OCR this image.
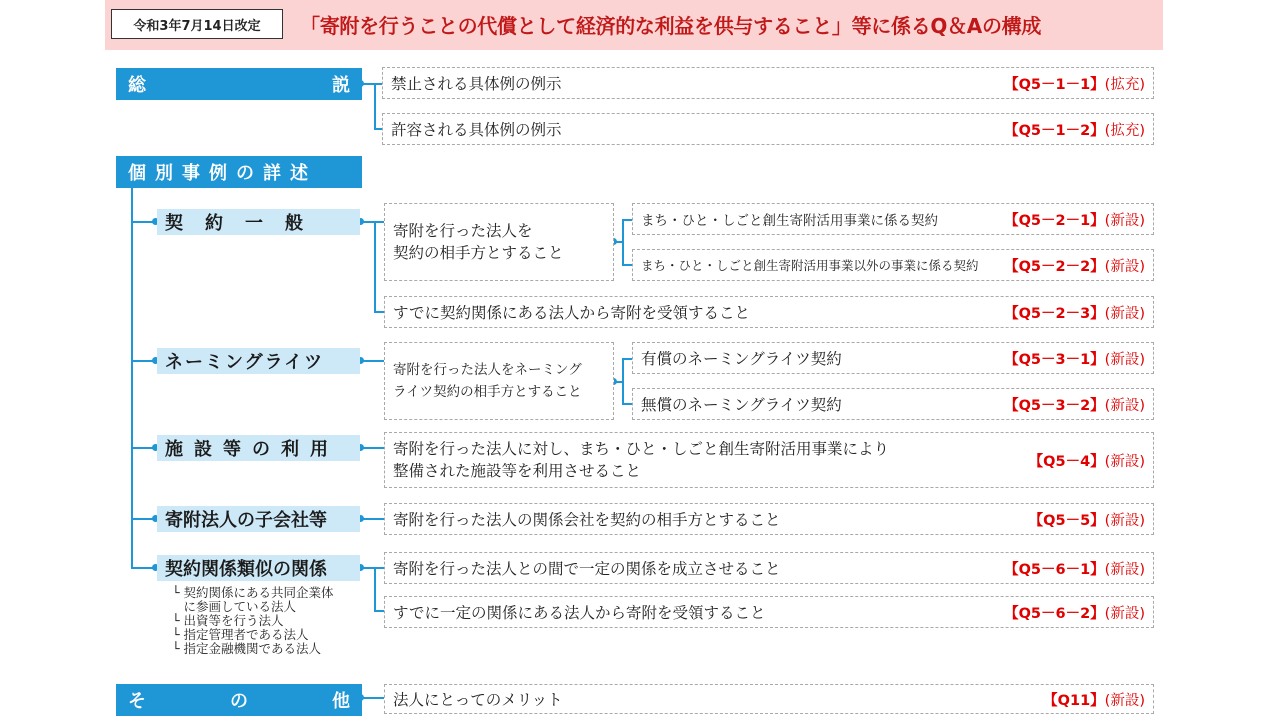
令和3年7月14日改定	「寄附を行うことの代償として経済的な利益を供与すること」等に係るQ＆Aの構成
総	説
個別事例の詳述
そ	の	他
契約一般
ネーミングライツ
施設等の利用
寄附法人の子会社等
契約関係類似の関係
└ 契約関係にある共同企業体
に参画している法人
└ 出資等を行う法人
└ 指定管理者である法人
└ 指定金融機関である法人
禁止される具体例の例示	【Q5－1－1】(拡充)
許容される具体例の例示	【Q5－1－2】(拡充)
寄附を行った法人を
契約の相手方とすること
まち・ひと・しごと創生寄附活用事業に係る契約	【Q5－2－1】(新設)
まち・ひと・しごと創生寄附活用事業以外の事業に係る契約	【Q5－2－2】(新設)
すでに契約関係にある法人から寄附を受領すること	【Q5－2－3】(新設)
寄附を行った法人をネーミング
ライツ契約の相手方とすること
有償のネーミングライツ契約	【Q5－3－1】(新設)
無償のネーミングライツ契約	【Q5－3－2】(新設)
寄附を行った法人に対し、まち・ひと・しごと創生寄附活用事業により
整備された施設等を利用させること
【Q5－4】(新設)
寄附を行った法人の関係会社を契約の相手方とすること	【Q5－5】(新設)
寄附を行った法人との間で一定の関係を成立させること	【Q5－6－1】(新設)
すでに一定の関係にある法人から寄附を受領すること	【Q5－6－2】(新設)
法人にとってのメリット	【Q11】(新設)
